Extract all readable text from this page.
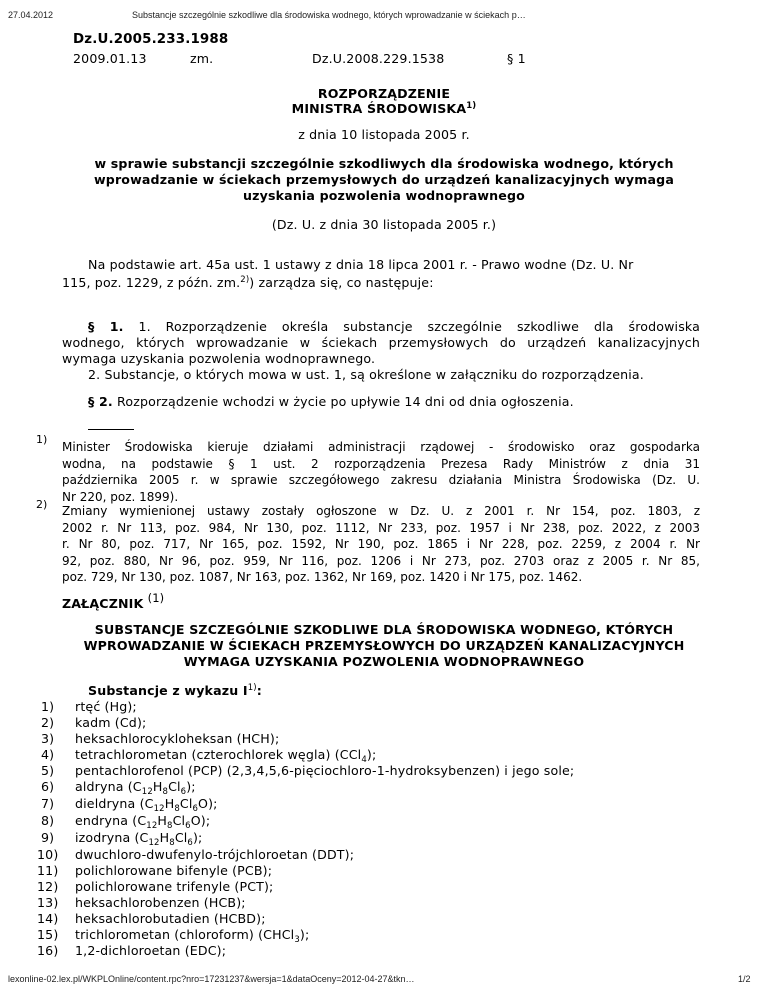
27.04.2012	Substancje szczególnie szkodliwe dla środowiska wodnego, których wprowadzanie w ściekach p…
Dz.U.2005.233.1988
2009.01.13	zm.	Dz.U.2008.229.1538	§ 1
ROZPORZĄDZENIE
MINISTRA ŚRODOWISKA$^{1)}$
z dnia 10 listopada 2005 r.
w sprawie substancji szczególnie szkodliwych dla środowiska wodnego, których
wprowadzanie w ściekach przemysłowych do urządzeń kanalizacyjnych wymaga
uzyskania pozwolenia wodnoprawnego
(Dz. U. z dnia 30 listopada 2005 r.)
Na podstawie art. 45a ust. 1 ustawy z dnia 18 lipca 2001 r. - Prawo wodne (Dz. U. Nr
115, poz. 1229, z późn. zm.$^{2)}$) zarządza się, co następuje:
§ 1. 1. Rozporządzenie określa substancje szczególnie szkodliwe dla środowiska
wodnego, których wprowadzanie w ściekach przemysłowych do urządzeń kanalizacyjnych
wymaga uzyskania pozwolenia wodnoprawnego.
2. Substancje, o których mowa w ust. 1, są określone w załączniku do rozporządzenia.
§ 2. Rozporządzenie wchodzi w życie po upływie 14 dni od dnia ogłoszenia.
1)
Minister Środowiska kieruje działami administracji rządowej - środowisko oraz gospodarka
wodna, na podstawie § 1 ust. 2 rozporządzenia Prezesa Rady Ministrów z dnia 31
października 2005 r. w sprawie szczegółowego zakresu działania Ministra Środowiska (Dz. U.
Nr 220, poz. 1899).
2) Zmiany wymienionej ustawy zostały ogłoszone w Dz. U. z 2001 r. Nr 154, poz. 1803, z
2002 r. Nr 113, poz. 984, Nr 130, poz. 1112, Nr 233, poz. 1957 i Nr 238, poz. 2022, z 2003
r. Nr 80, poz. 717, Nr 165, poz. 1592, Nr 190, poz. 1865 i Nr 228, poz. 2259, z 2004 r. Nr
92, poz. 880, Nr 96, poz. 959, Nr 116, poz. 1206 i Nr 273, poz. 2703 oraz z 2005 r. Nr 85,
poz. 729, Nr 130, poz. 1087, Nr 163, poz. 1362, Nr 169, poz. 1420 i Nr 175, poz. 1462.
ZAŁĄCZNIK $^{(1)}$
SUBSTANCJE SZCZEGÓLNIE SZKODLIWE DLA ŚRODOWISKA WODNEGO, KTÓRYCH
WPROWADZANIE W ŚCIEKACH PRZEMYSŁOWYCH DO URZĄDZEŃ KANALIZACYJNYCH
WYMAGA UZYSKANIA POZWOLENIA WODNOPRAWNEGO
Substancje z wykazu $I^{1)}$:
1) rtęć (Hg);
2) kadm (Cd);
3) heksachlorocykloheksan (HCH);
4) tetrachlorometan (czterochlorek węgla) (CCl$_4$);
5) pentachlorofenol (PCP) (2,3,4,5,6-pięciochloro-1-hydroksybenzen) i jego sole;
6) aldryna $(C_{12}H_8Cl_6)$;
7) dieldryna $(C_{12}H_8Cl_6O)$;
8) endryna $(C_{12}H_8Cl_6O)$;
9) izodryna $(C_{12}H_8Cl_6)$;
10) dwuchloro-dwufenylo-trójchloroetan (DDT);
11) polichlorowane bifenyle (PCB);
12) polichlorowane trifenyle (PCT);
13) heksachlorobenzen (HCB);
14) heksachlorobutadien (HCBD);
15) trichlorometan (chloroform) (CHCl$_3$);
16) 1,2-dichloroetan (EDC);
lexonline-02.lex.pl/WKPLOnline/content.rpc?nro=17231237&wersja=1&dataOceny=2012-04-27&tkn…	1/2
